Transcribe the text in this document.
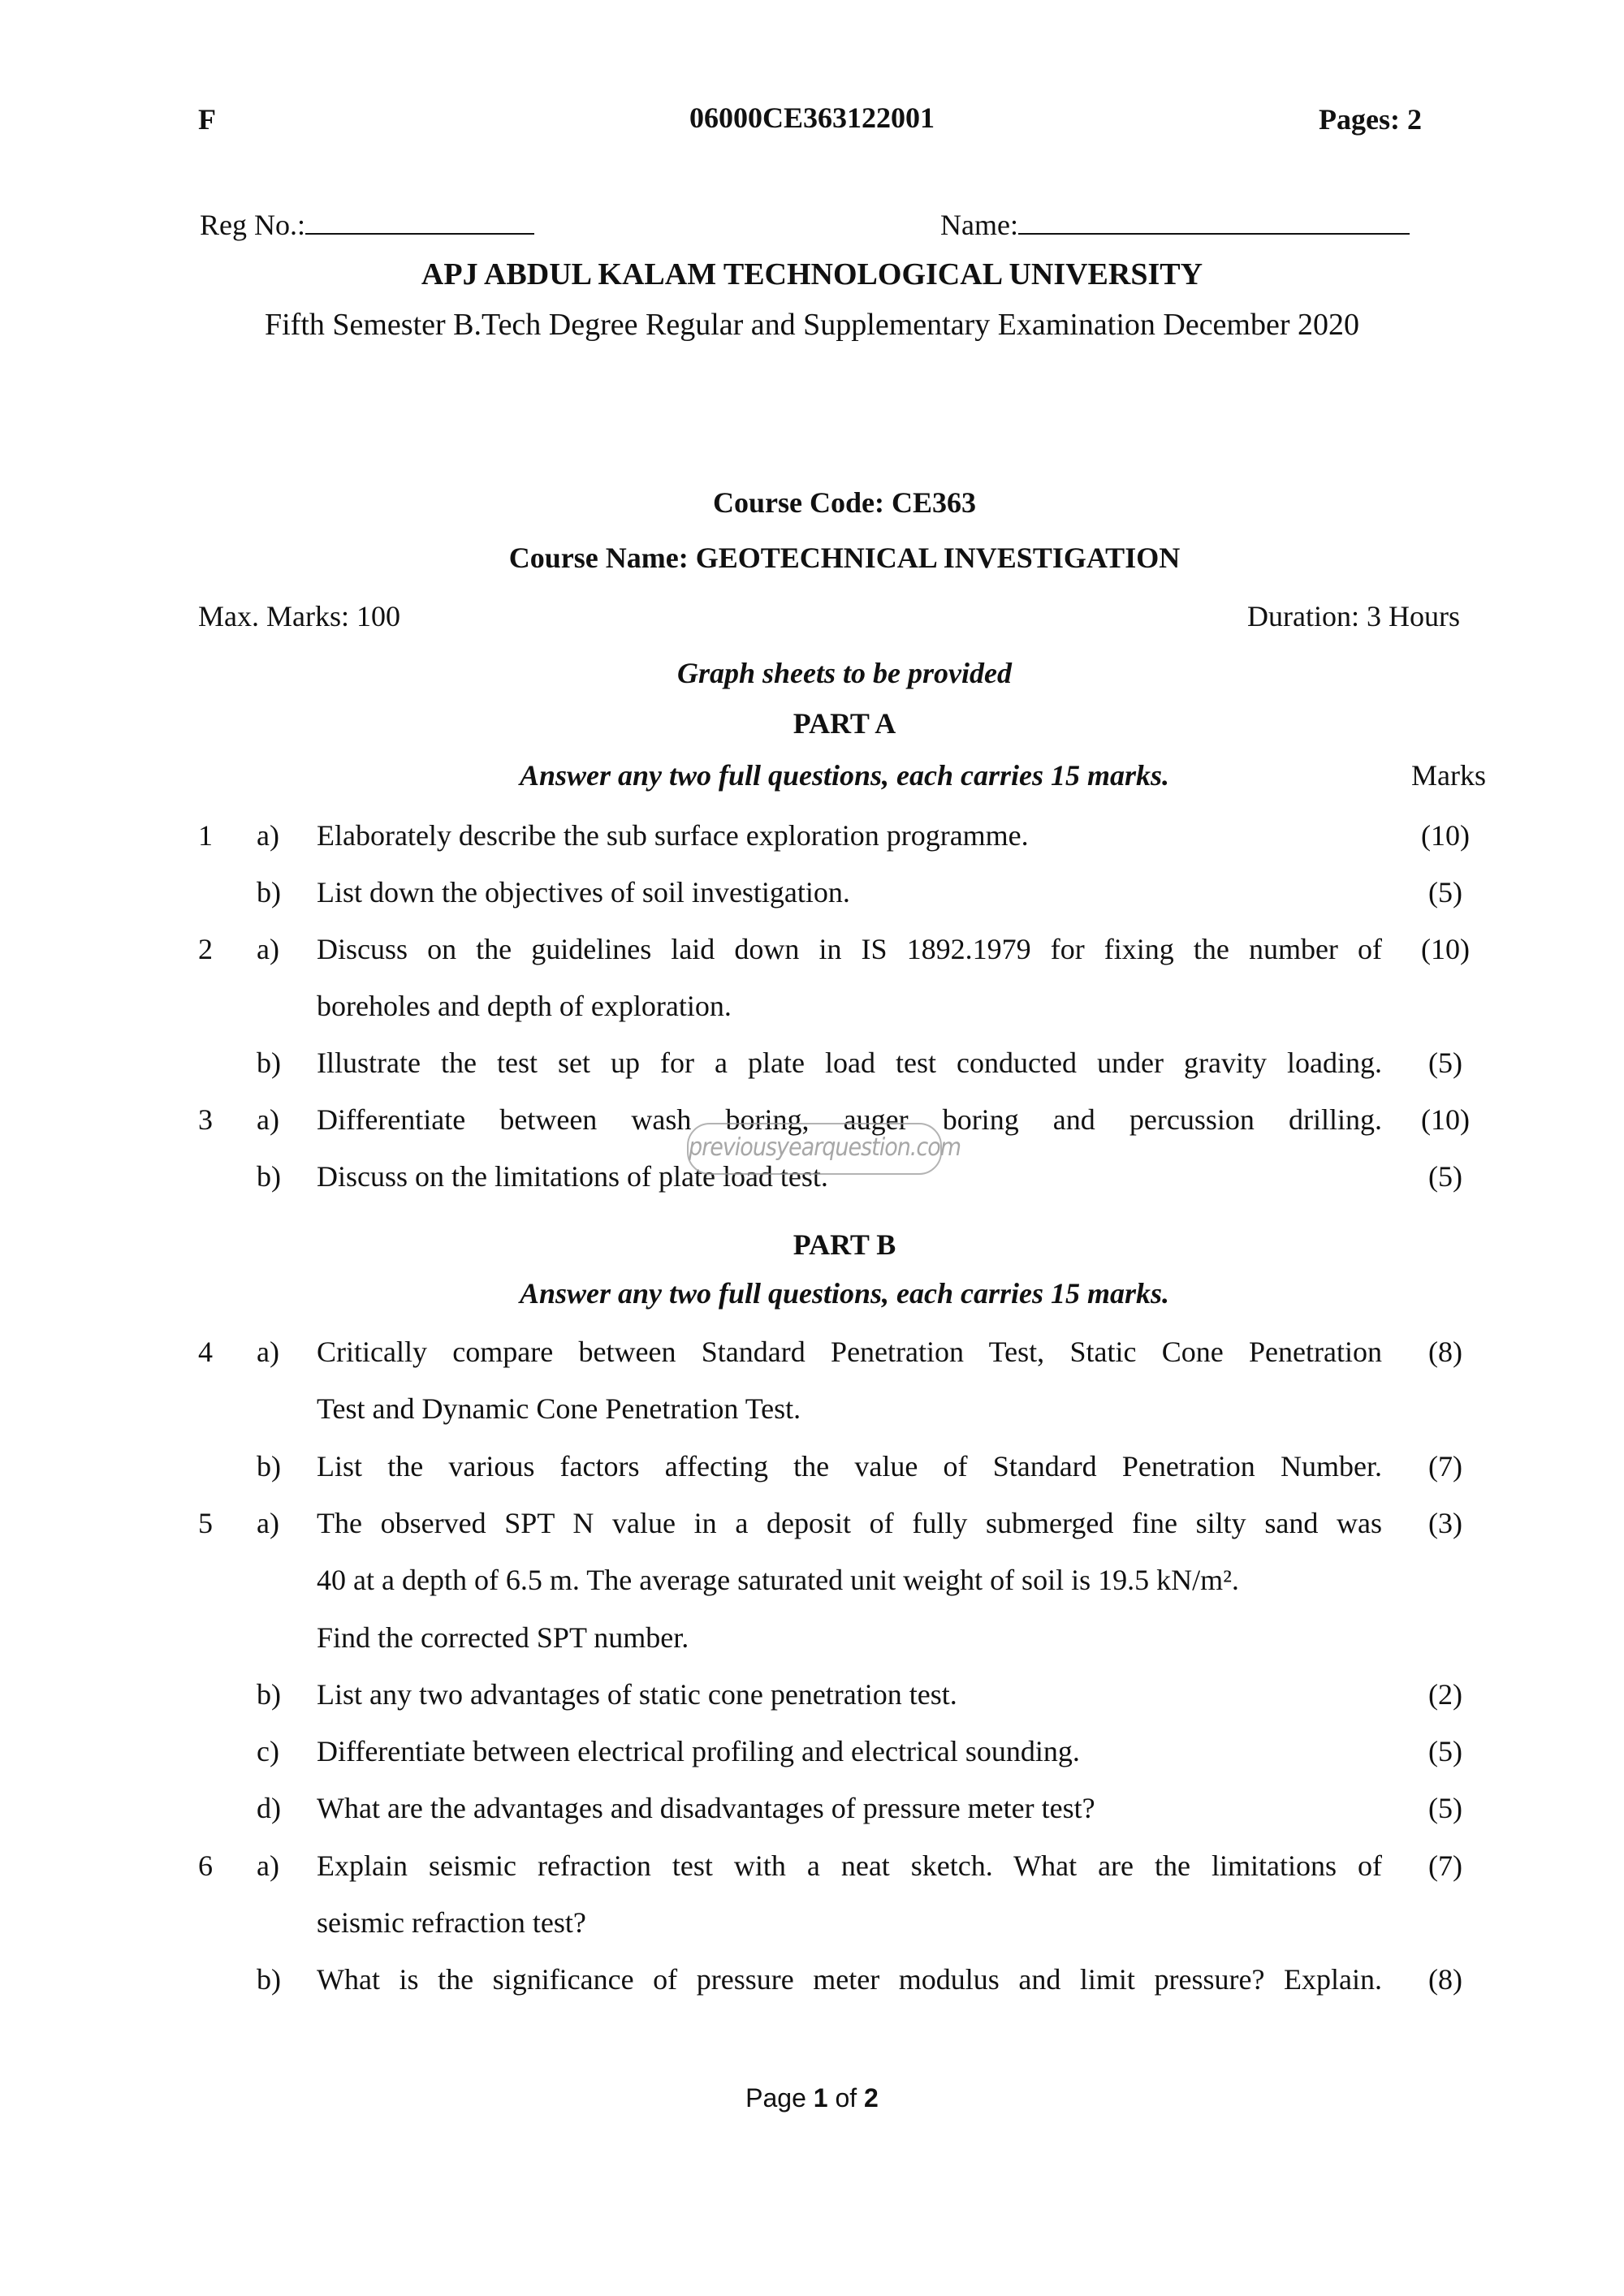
F	06000CE363122001	Pages: 2
Reg No.:	Name:
APJ ABDUL KALAM TECHNOLOGICAL UNIVERSITY
Fifth Semester B.Tech Degree Regular and Supplementary Examination December 2020
Course Code: CE363
Course Name: GEOTECHNICAL INVESTIGATION
Max. Marks: 100	Duration: 3 Hours
Graph sheets to be provided
PART A
Answer any two full questions, each carries 15 marks.	Marks
1 a) Elaborately describe the sub surface exploration programme.	(10)
b) List down the objectives of soil investigation.	(5)
2 a) Discuss on the guidelines laid down in IS 1892.1979 for fixing the number of	(10)
boreholes and depth of exploration.
b) Illustrate the test set up for a plate load test conducted under gravity loading.	(5)
3 a) Differentiate between wash boring, auger boring and percussion drilling.	(10)
b) Discuss on the limitations of plate load test.	(5)
PART B
Answer any two full questions, each carries 15 marks.
4 a) Critically compare between Standard Penetration Test, Static Cone Penetration	(8)
Test and Dynamic Cone Penetration Test.
b) List the various factors affecting the value of Standard Penetration Number.	(7)
5 a) The observed SPT N value in a deposit of fully submerged fine silty sand was	(3)
40 at a depth of 6.5 m. The average saturated unit weight of soil is 19.5 kN/m².
Find the corrected SPT number.
b) List any two advantages of static cone penetration test.	(2)
c) Differentiate between electrical profiling and electrical sounding.	(5)
d) What are the advantages and disadvantages of pressure meter test?	(5)
6 a) Explain seismic refraction test with a neat sketch. What are the limitations of	(7)
seismic refraction test?
b) What is the significance of pressure meter modulus and limit pressure? Explain.	(8)
previousyearquestion.com
Page 1 of 2
